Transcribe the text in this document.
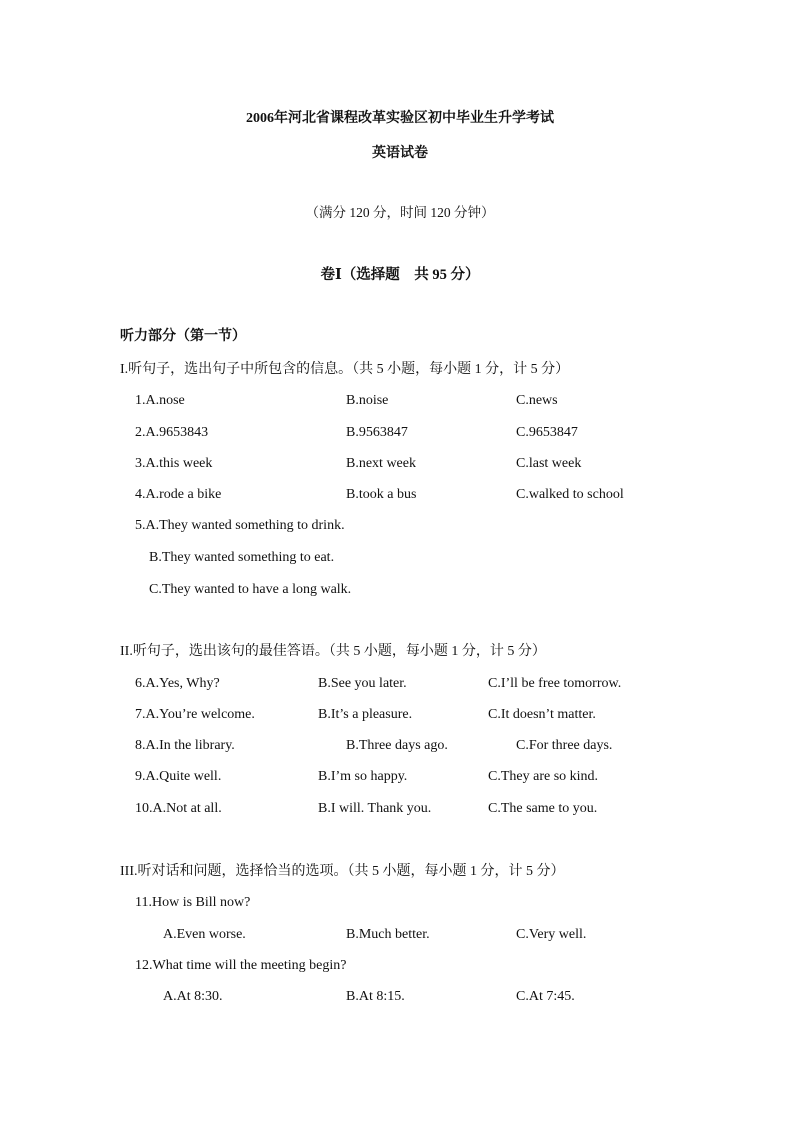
2006年河北省课程改革实验区初中毕业生升学考试
英语试卷
（满分 120 分，时间 120 分钟）
卷Ⅰ（选择题　共 95 分）
听力部分（第一节）
I.听句子，选出句子中所包含的信息。（共 5 小题，每小题 1 分，计 5 分）
1.A.nose	B.noise	C.news
2.A.9653843	B.9563847	C.9653847
3.A.this week	B.next week	C.last week
4.A.rode a bike	B.took a bus	C.walked to school
5.A.They wanted something to drink.
B.They wanted something to eat.
C.They wanted to have a long walk.
II.听句子，选出该句的最佳答语。（共 5 小题，每小题 1 分，计 5 分）
6.A.Yes, Why?	B.See you later.	C.I’ll be free tomorrow.
7.A.You’re welcome.	B.It’s a pleasure.	C.It doesn’t matter.
8.A.In the library.	B.Three days ago.	C.For three days.
9.A.Quite well.	B.I’m so happy.	C.They are so kind.
10.A.Not at all.	B.I will. Thank you.	C.The same to you.
III.听对话和问题，选择恰当的选项。（共 5 小题，每小题 1 分，计 5 分）
11.How is Bill now?
A.Even worse.	B.Much better.	C.Very well.
12.What time will the meeting begin?
A.At 8:30.	B.At 8:15.	C.At 7:45.
